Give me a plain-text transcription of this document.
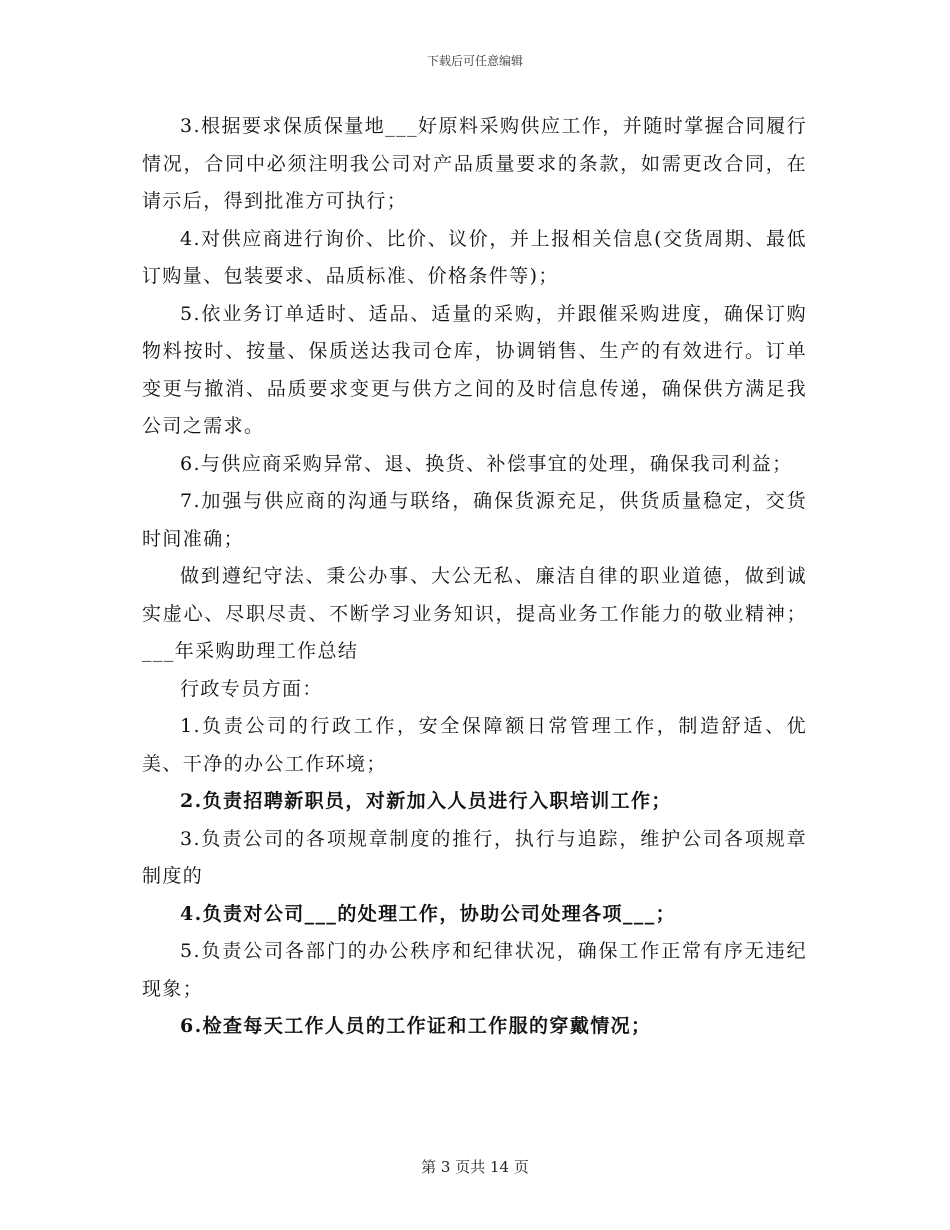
下载后可任意编辑

3.根据要求保质保量地___好原料采购供应工作，并随时掌握合同履行情况，合同中必须注明我公司对产品质量要求的条款，如需更改合同，在请示后，得到批准方可执行；

4.对供应商进行询价、比价、议价，并上报相关信息(交货周期、最低订购量、包装要求、品质标准、价格条件等)；

5.依业务订单适时、适品、适量的采购，并跟催采购进度，确保订购物料按时、按量、保质送达我司仓库，协调销售、生产的有效进行。订单变更与撤消、品质要求变更与供方之间的及时信息传递，确保供方满足我公司之需求。

6.与供应商采购异常、退、换货、补偿事宜的处理，确保我司利益；

7.加强与供应商的沟通与联络，确保货源充足，供货质量稳定，交货时间准确；

做到遵纪守法、秉公办事、大公无私、廉洁自律的职业道德，做到诚实虚心、尽职尽责、不断学习业务知识，提高业务工作能力的敬业精神；___年采购助理工作总结

行政专员方面：

1.负责公司的行政工作，安全保障额日常管理工作，制造舒适、优美、干净的办公工作环境；

2.负责招聘新职员，对新加入人员进行入职培训工作；

3.负责公司的各项规章制度的推行，执行与追踪，维护公司各项规章制度的

4.负责对公司___的处理工作，协助公司处理各项___；

5.负责公司各部门的办公秩序和纪律状况，确保工作正常有序无违纪现象；

6.检查每天工作人员的工作证和工作服的穿戴情况；

第 3 页共 14 页
